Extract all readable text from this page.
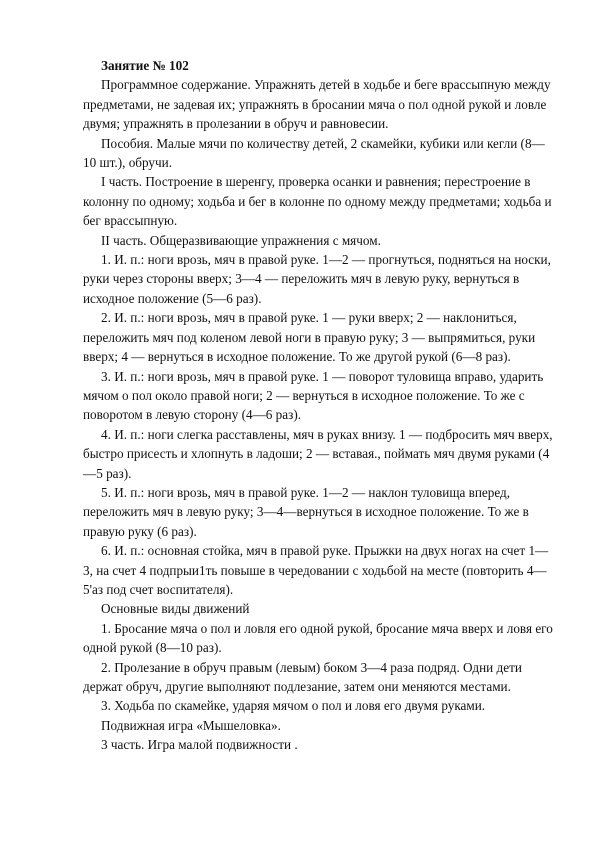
Занятие № 102

Программное содержание. Упражнять детей в ходьбе и беге врассыпную между предметами, не задевая их; упражнять в бросании мяча о пол одной рукой и ловле двумя; упражнять в пролезании в обруч и равновесии.

Пособия. Малые мячи по количеству детей, 2 скамейки, кубики или кегли (8—10 шт.), обручи.

I часть. Построение в шеренгу, проверка осанки и равнения; перестроение в колонну по одному; ходьба и бег в колонне по одному между предметами; ходьба и бег врассыпную.

II часть. Общеразвивающие упражнения с мячом.

1. И. п.: ноги врозь, мяч в правой руке. 1—2 — прогнуться, подняться на носки, руки через стороны вверх; 3—4 — переложить мяч в левую руку, вернуться в исходное положение (5—6 раз).

2. И. п.: ноги врозь, мяч в правой руке. 1 — руки вверх; 2 — наклониться, переложить мяч под коленом левой ноги в правую руку; 3 — выпрямиться, руки вверх; 4 — вернуться в исходное положение. То же другой рукой (6—8 раз).

3. И. п.: ноги врозь, мяч в правой руке. 1 — поворот туловища вправо, ударить мячом о пол около правой ноги; 2 — вернуться в исходное положение. То же с поворотом в левую сторону (4—6 раз).

4. И. п.: ноги слегка расставлены, мяч в руках внизу. 1 — подбросить мяч вверх, быстро присесть и хлопнуть в ладоши; 2 — вставая., поймать мяч двумя руками (4—5 раз).

5. И. п.: ноги врозь, мяч в правой руке. 1—2 — наклон туловища вперед, переложить мяч в левую руку; 3—4—вернуться в исходное положение. То же в правую руку (6 раз).

6. И. п.: основная стойка, мяч в правой руке. Прыжки на двух ногах на счет 1—3, на счет 4 подпрыи1ть повыше в чередовании с ходьбой на месте (повторить 4—5'аз под счет воспитателя).

Основные виды движений

1. Бросание мяча о пол и ловля его одной рукой, бросание мяча вверх и ловя его одной рукой (8—10 раз).

2. Пролезание в обруч правым (левым) боком 3—4 раза подряд. Одни дети держат обруч, другие выполняют подлезание, затем они меняются местами.

3. Ходьба по скамейке, ударяя мячом о пол и ловя его двумя руками.

Подвижная игра «Мышеловка».

3 часть. Игра малой подвижности .
